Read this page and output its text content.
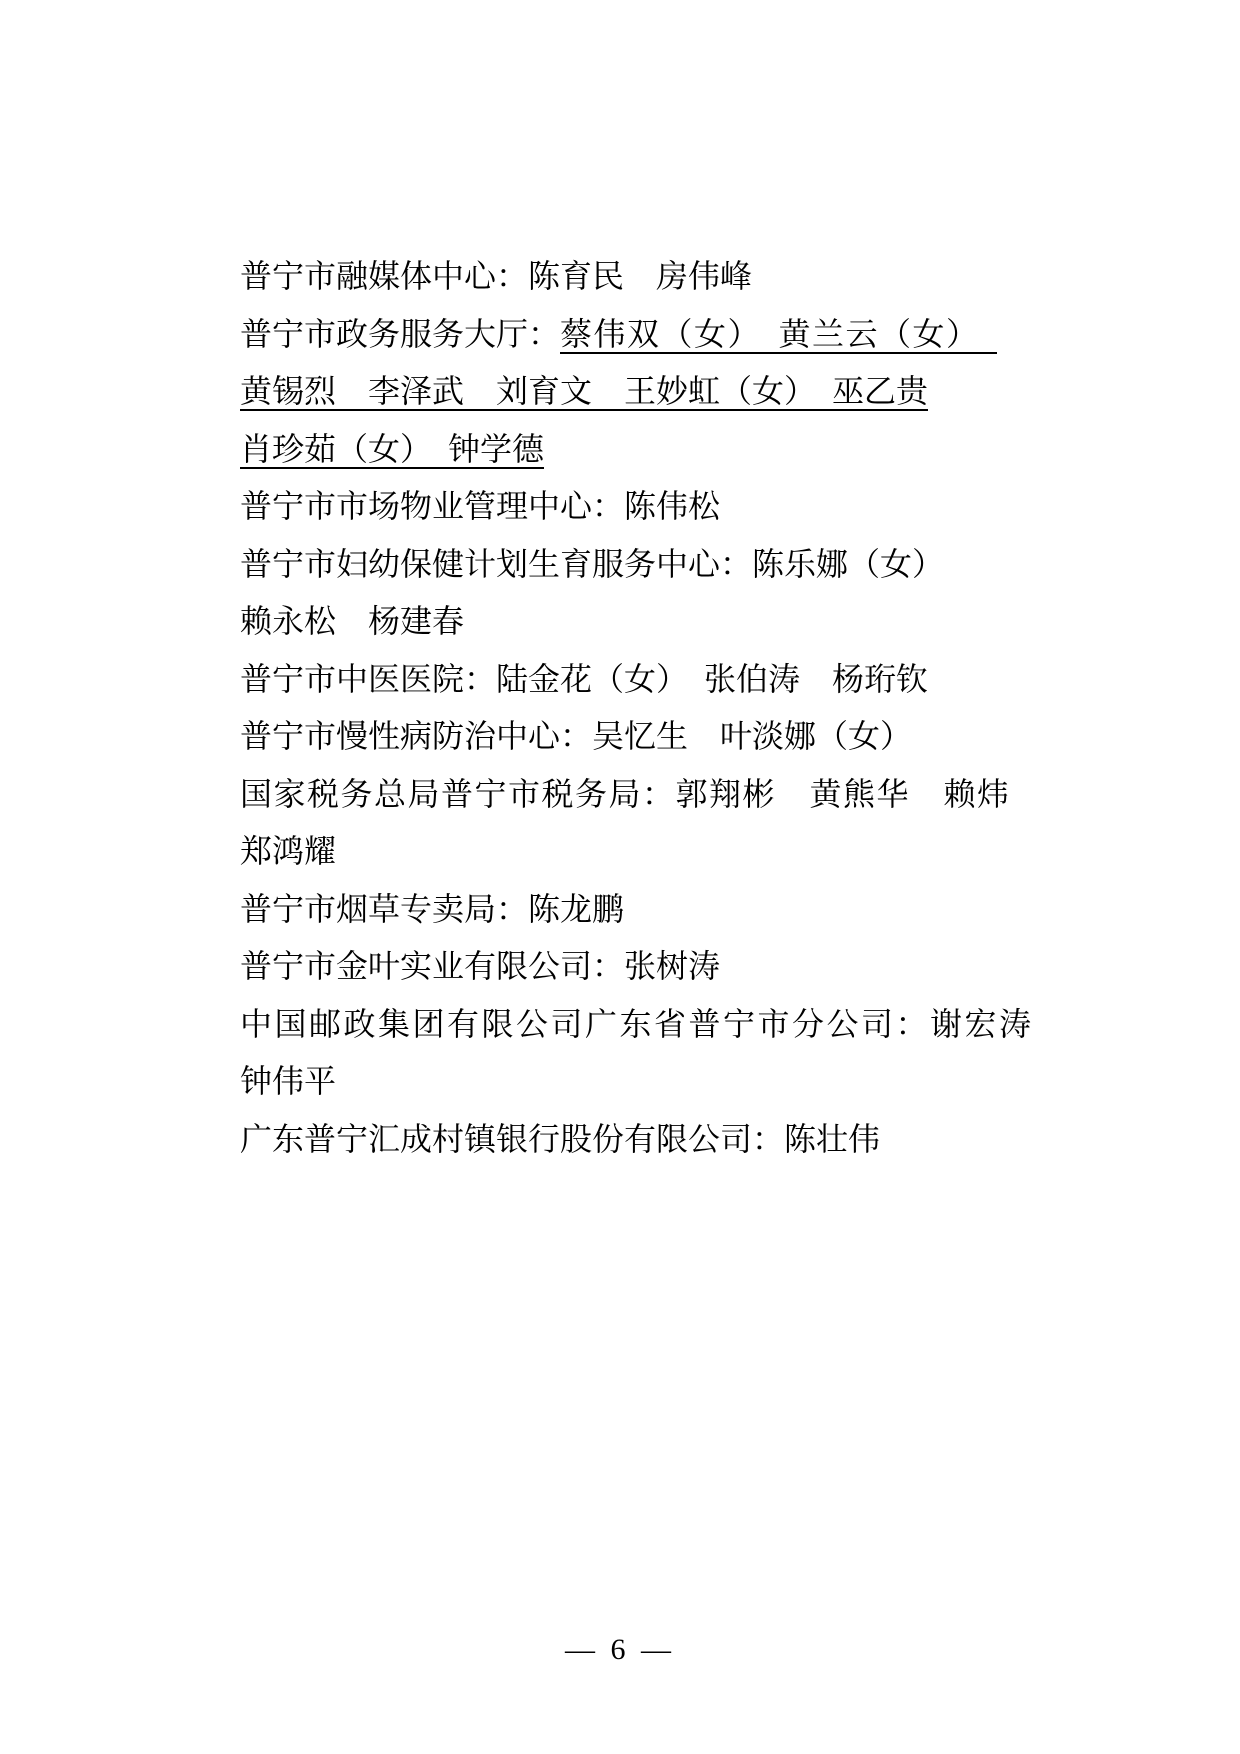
普宁市融媒体中心：陈育民　房伟峰
普宁市政务服务大厅：蔡伟双（女）　黄兰云（女）　
黄锡烈　李泽武　刘育文　王妙虹（女）　巫乙贵
肖珍茹（女）　钟学德
普宁市市场物业管理中心：陈伟松
普宁市妇幼保健计划生育服务中心：陈乐娜（女）
赖永松　杨建春
普宁市中医医院：陆金花（女）　张伯涛　杨珩钦
普宁市慢性病防治中心：吴忆生　叶淡娜（女）
国家税务总局普宁市税务局：郭翔彬　黄熊华　赖炜
郑鸿耀
普宁市烟草专卖局：陈龙鹏
普宁市金叶实业有限公司：张树涛
中国邮政集团有限公司广东省普宁市分公司：谢宏涛
钟伟平
广东普宁汇成村镇银行股份有限公司：陈壮伟
— 6 —
